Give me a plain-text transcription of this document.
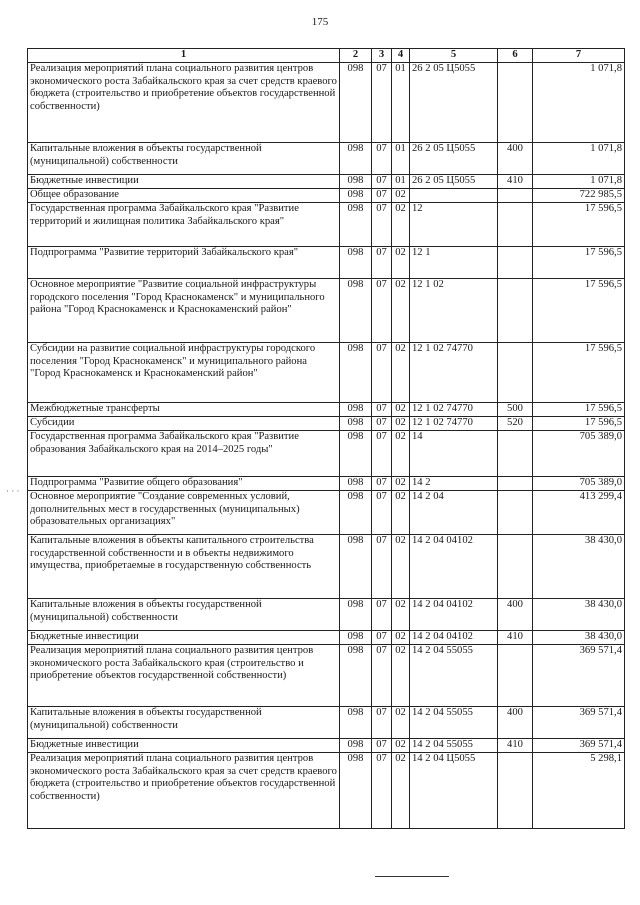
175
1	2	3	4	5	6	7
Реализация мероприятий плана социального развития центров экономического роста Забайкальского края за счет средств краевого бюджета (строительство и приобретение объектов государственной собственности)	098	07	01	26 2 05 Ц5055		1 071,8
Капитальные вложения в объекты государственной (муниципальной) собственности	098	07	01	26 2 05 Ц5055	400	1 071,8
Бюджетные инвестиции	098	07	01	26 2 05 Ц5055	410	1 071,8
Общее образование	098	07	02			722 985,5
Государственная программа Забайкальского края "Развитие территорий и жилищная политика Забайкальского края"	098	07	02	12		17 596,5
Подпрограмма "Развитие территорий Забайкальского края"	098	07	02	12 1		17 596,5
Основное мероприятие "Развитие социальной инфраструктуры городского поселения "Город Краснокаменск" и муниципального района "Город Краснокаменск и Краснокаменский район"	098	07	02	12 1 02		17 596,5
Субсидии на развитие социальной инфраструктуры городского поселения "Город Краснокаменск" и муниципального района "Город Краснокаменск и Краснокаменский район"	098	07	02	12 1 02 74770		17 596,5
Межбюджетные трансферты	098	07	02	12 1 02 74770	500	17 596,5
Субсидии	098	07	02	12 1 02 74770	520	17 596,5
Государственная программа Забайкальского края "Развитие образования Забайкальского края на 2014–2025 годы"	098	07	02	14		705 389,0
Подпрограмма "Развитие общего образования"	098	07	02	14 2		705 389,0
Основное мероприятие "Создание современных условий, дополнительных мест в государственных (муниципальных) образовательных организациях"	098	07	02	14 2 04		413 299,4
Капитальные вложения в объекты капитального строительства государственной собственности и в объекты недвижимого имущества, приобретаемые в государственную собственность	098	07	02	14 2 04 04102		38 430,0
Капитальные вложения в объекты государственной (муниципальной) собственности	098	07	02	14 2 04 04102	400	38 430,0
Бюджетные инвестиции	098	07	02	14 2 04 04102	410	38 430,0
Реализация мероприятий плана социального развития центров экономического роста Забайкальского края (строительство и приобретение объектов государственной собственности)	098	07	02	14 2 04 55055		369 571,4
Капитальные вложения в объекты государственной (муниципальной) собственности	098	07	02	14 2 04 55055	400	369 571,4
Бюджетные инвестиции	098	07	02	14 2 04 55055	410	369 571,4
Реализация мероприятий плана социального развития центров экономического роста Забайкальского края за счет средств краевого бюджета (строительство и приобретение объектов государственной собственности)	098	07	02	14 2 04 Ц5055		5 298,1
· · ·
